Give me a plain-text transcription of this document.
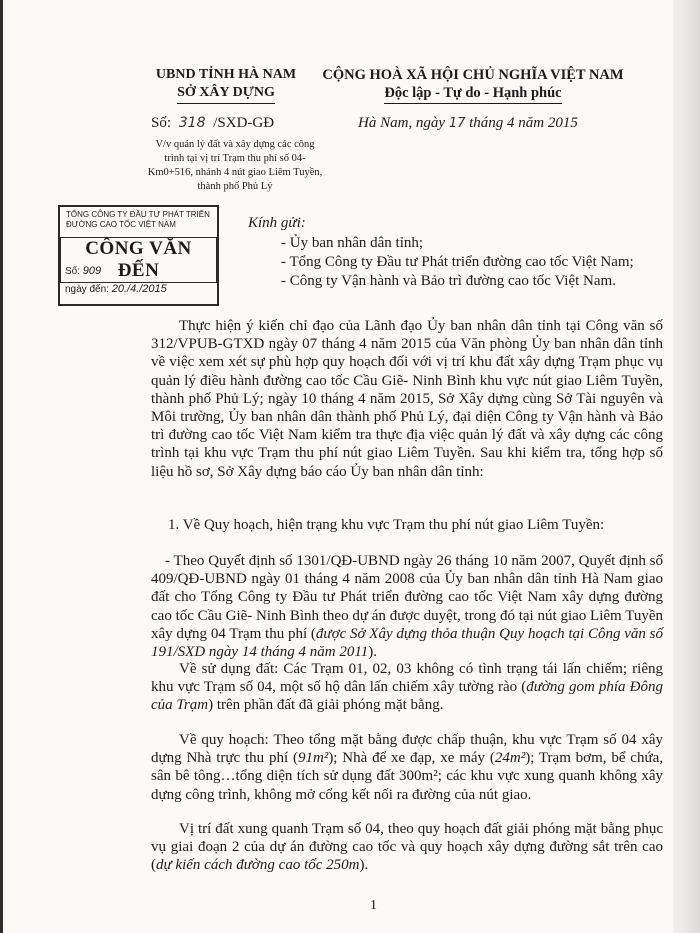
UBND TỈNH HÀ NAM
SỞ XÂY DỰNG
CỘNG HOÀ XÃ HỘI CHỦ NGHĨA VIỆT NAM
Độc lập - Tự do - Hạnh phúc
Số: 318 /SXD-GĐ	Hà Nam, ngày 17 tháng 4 năm 2015
V/v quản lý đất và xây dựng các công trình tại vị trí Trạm thu phí số 04- Km0+516, nhánh 4 nút giao Liêm Tuyền, thành phố Phủ Lý
TỔNG CÔNG TY ĐẦU TƯ PHÁT TRIỂN
ĐƯỜNG CAO TỐC VIỆT NAM
CÔNG VĂN ĐẾN
Số: 909
ngày đến: 20./4./2015
Kính gửi:
- Ủy ban nhân dân tỉnh;
- Tổng Công ty Đầu tư Phát triển đường cao tốc Việt Nam;
- Công ty Vận hành và Bảo trì đường cao tốc Việt Nam.
Thực hiện ý kiến chỉ đạo của Lãnh đạo Ủy ban nhân dân tỉnh tại Công văn số 312/VPUB-GTXD ngày 07 tháng 4 năm 2015 của Văn phòng Ủy ban nhân dân tỉnh về việc xem xét sự phù hợp quy hoạch đối với vị trí khu đất xây dựng Trạm phục vụ quản lý điều hành đường cao tốc Cầu Giẽ- Ninh Bình khu vực nút giao Liêm Tuyền, thành phố Phủ Lý; ngày 10 tháng 4 năm 2015, Sở Xây dựng cùng Sở Tài nguyên và Môi trường, Ủy ban nhân dân thành phố Phủ Lý, đại diện Công ty Vận hành và Bảo trì đường cao tốc Việt Nam kiểm tra thực địa việc quản lý đất và xây dựng các công trình tại khu vực Trạm thu phí nút giao Liêm Tuyền. Sau khi kiểm tra, tổng hợp số liệu hồ sơ, Sở Xây dựng báo cáo Ủy ban nhân dân tỉnh:
1. Về Quy hoạch, hiện trạng khu vực Trạm thu phí nút giao Liêm Tuyền:
- Theo Quyết định số 1301/QĐ-UBND ngày 26 tháng 10 năm 2007, Quyết định số 409/QĐ-UBND ngày 01 tháng 4 năm 2008 của Ủy ban nhân dân tỉnh Hà Nam giao đất cho Tổng Công ty Đầu tư Phát triển đường cao tốc Việt Nam xây dựng đường cao tốc Cầu Giẽ- Ninh Bình theo dự án được duyệt, trong đó tại nút giao Liêm Tuyền xây dựng 04 Trạm thu phí (được Sở Xây dựng thỏa thuận Quy hoạch tại Công văn số 191/SXD ngày 14 tháng 4 năm 2011).
Về sử dụng đất: Các Trạm 01, 02, 03 không có tình trạng tái lấn chiếm; riêng khu vực Trạm số 04, một số hộ dân lấn chiếm xây tường rào (đường gom phía Đông của Trạm) trên phần đất đã giải phóng mặt bằng.
Về quy hoạch: Theo tổng mặt bằng được chấp thuận, khu vực Trạm số 04 xây dựng Nhà trực thu phí (91m²); Nhà để xe đạp, xe máy (24m²); Trạm bơm, bể chứa, sân bê tông…tổng diện tích sử dụng đất 300m²; các khu vực xung quanh không xây dựng công trình, không mở cổng kết nối ra đường của nút giao.
Vị trí đất xung quanh Trạm số 04, theo quy hoạch đất giải phóng mặt bằng phục vụ giai đoạn 2 của dự án đường cao tốc và quy hoạch xây dựng đường sắt trên cao (dự kiến cách đường cao tốc 250m).
1
